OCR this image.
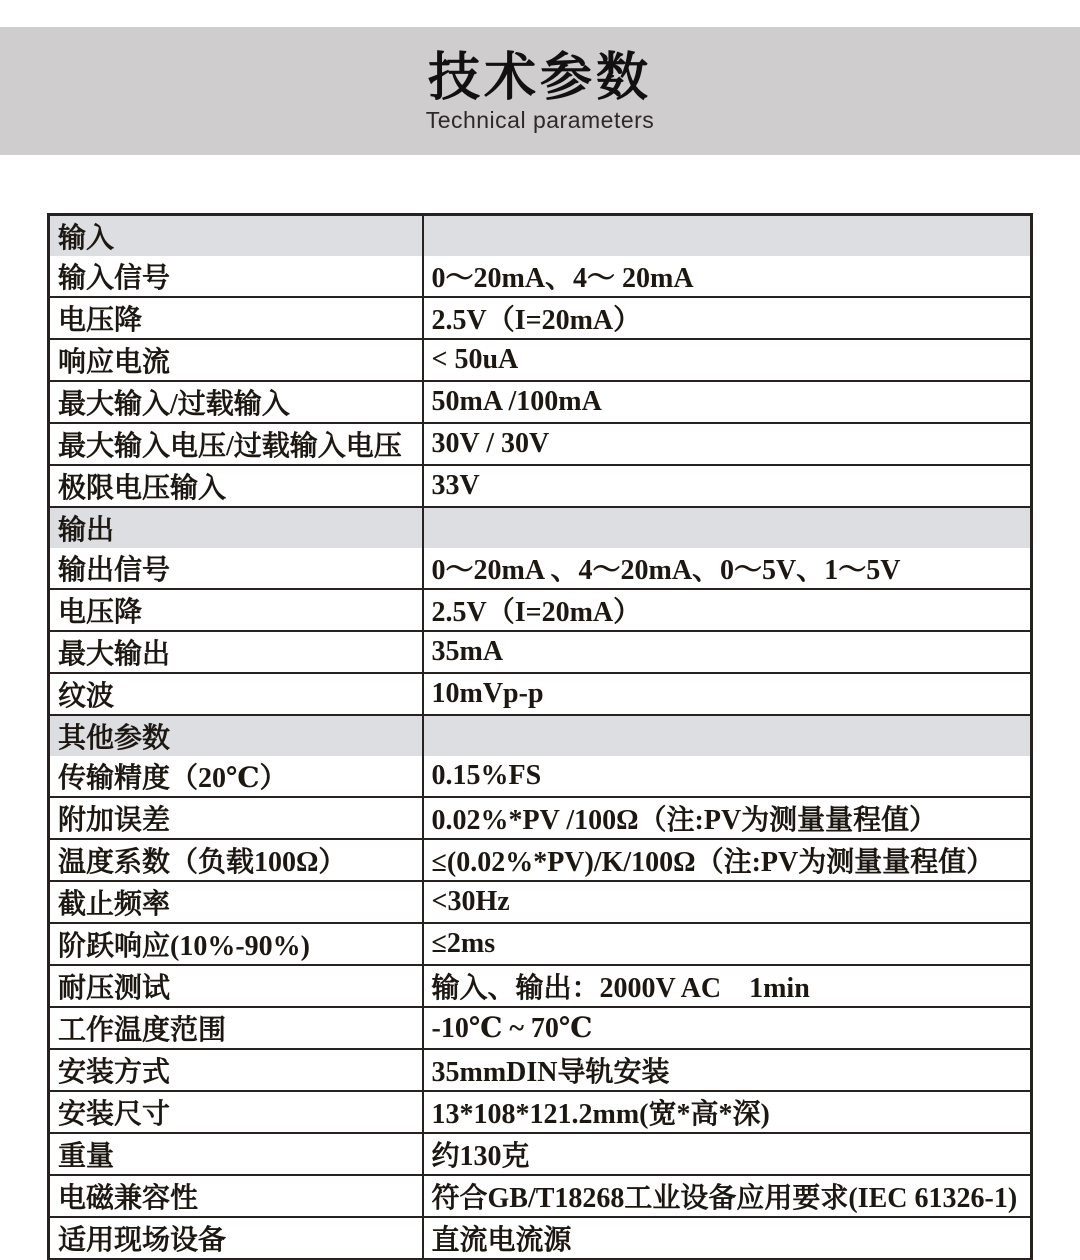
技术参数
Technical parameters
输入	
输入信号	0～20mA、4～ 20mA
电压降	2.5V（I=20mA）
响应电流	< 50uA
最大输入/过载输入	50mA /100mA
最大输入电压/过载输入电压	30V / 30V
极限电压输入	33V
输出	
输出信号	0～20mA 、4～20mA、0～5V、1～5V
电压降	2.5V（I=20mA）
最大输出	35mA
纹波	10mVp-p
其他参数	
传输精度（20℃）	0.15%FS
附加误差	0.02%*PV /100Ω（注:PV为测量量程值）
温度系数（负载100Ω）	≤(0.02%*PV)/K/100Ω（注:PV为测量量程值）
截止频率	<30Hz
阶跃响应(10%-90%)	≤2ms
耐压测试	输入、输出：2000V AC　1min
工作温度范围	-10℃ ~ 70℃
安装方式	35mmDIN导轨安装
安装尺寸	13*108*121.2mm(宽*高*深)
重量	约130克
电磁兼容性	符合GB/T18268工业设备应用要求(IEC 61326-1)
适用现场设备	直流电流源
